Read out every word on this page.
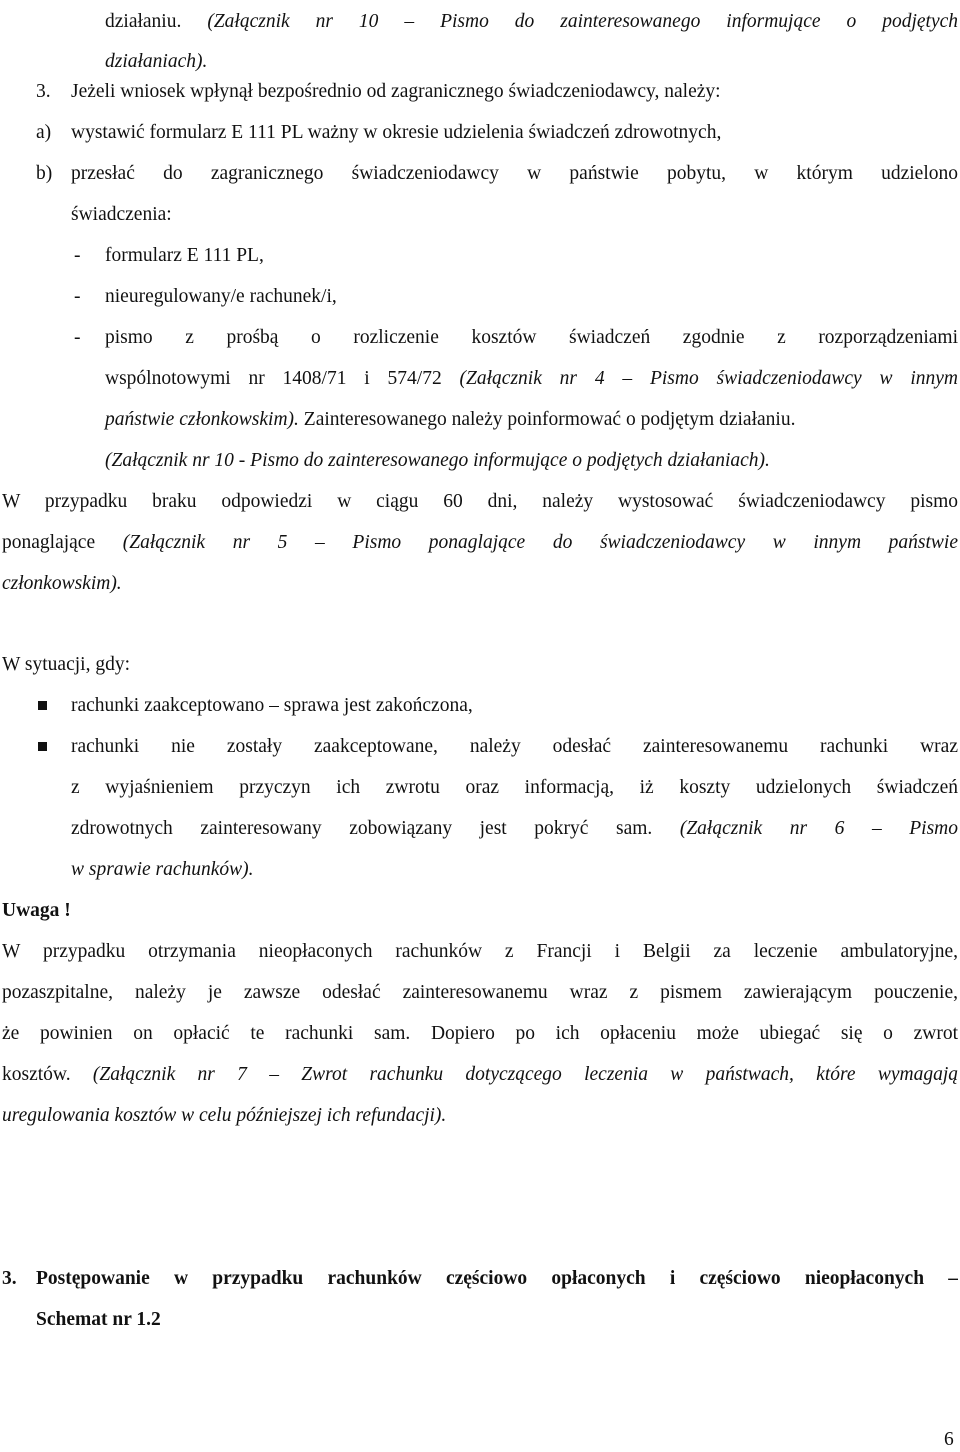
działaniu. (Załącznik nr 10 – Pismo do zainteresowanego informujące o podjętych
działaniach).
3. Jeżeli wniosek wpłynął bezpośrednio od zagranicznego świadczeniodawcy, należy:
a) wystawić formularz E 111 PL ważny w okresie udzielenia świadczeń zdrowotnych,
b) przesłać do zagranicznego świadczeniodawcy w państwie pobytu, w którym udzielono
świadczenia:
- formularz E 111 PL,
- nieuregulowany/e rachunek/i,
- pismo z prośbą o rozliczenie kosztów świadczeń zgodnie z rozporządzeniami
wspólnotowymi nr 1408/71 i 574/72 (Załącznik nr 4 – Pismo świadczeniodawcy w innym
państwie członkowskim). Zainteresowanego należy poinformować o podjętym działaniu.
(Załącznik nr 10 - Pismo do zainteresowanego informujące o podjętych działaniach).
W przypadku braku odpowiedzi w ciągu 60 dni, należy wystosować świadczeniodawcy pismo
ponaglające (Załącznik nr 5 – Pismo ponaglające do świadczeniodawcy w innym państwie
członkowskim).
W sytuacji, gdy:
rachunki zaakceptowano – sprawa jest zakończona,
rachunki nie zostały zaakceptowane, należy odesłać zainteresowanemu rachunki wraz
z wyjaśnieniem przyczyn ich zwrotu oraz informacją, iż koszty udzielonych świadczeń
zdrowotnych zainteresowany zobowiązany jest pokryć sam. (Załącznik nr 6 – Pismo
w sprawie rachunków).
Uwaga !
W przypadku otrzymania nieopłaconych rachunków z Francji i Belgii za leczenie ambulatoryjne,
pozaszpitalne, należy je zawsze odesłać zainteresowanemu wraz z pismem zawierającym pouczenie,
że powinien on opłacić te rachunki sam. Dopiero po ich opłaceniu może ubiegać się o zwrot
kosztów. (Załącznik nr 7 – Zwrot rachunku dotyczącego leczenia w państwach, które wymagają
uregulowania kosztów w celu późniejszej ich refundacji).
3. Postępowanie w przypadku rachunków częściowo opłaconych i częściowo nieopłaconych –
Schemat nr 1.2
6
